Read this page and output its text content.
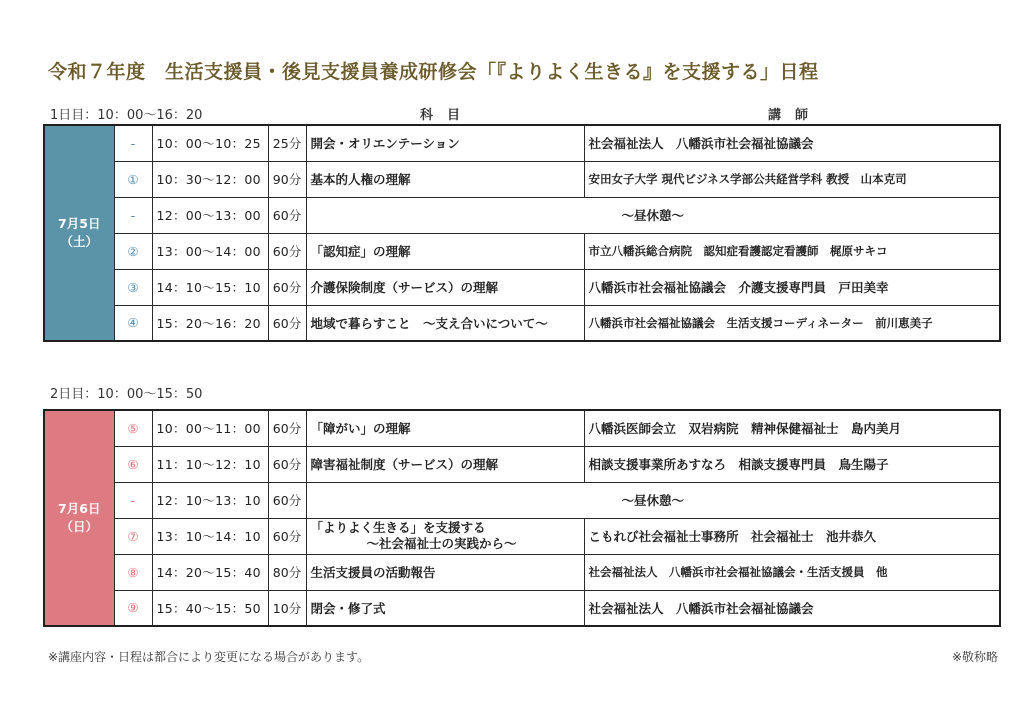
令和７年度　生活支援員・後見支援員養成研修会「『よりよく生きる』を支援する」日程
1日目：10：00〜16：20	科目	講師
7月5日
（土）	-	10：00〜10：25	25分	開会・オリエンテーション	社会福祉法人　八幡浜市社会福祉協議会
	①	10：30〜12：00	90分	基本的人権の理解	安田女子大学 現代ビジネス学部公共経営学科 教授　山本克司
	-	12：00〜13：00	60分	〜昼休憩〜	
	②	13：00〜14：00	60分	「認知症」の理解	市立八幡浜総合病院　認知症看護認定看護師　梶原サキコ
	③	14：10〜15：10	60分	介護保険制度（サービス）の理解	八幡浜市社会福祉協議会　介護支援専門員　戸田美幸
	④	15：20〜16：20	60分	地域で暮らすこと　〜支え合いについて〜	八幡浜市社会福祉協議会　生活支援コーディネーター　前川恵美子
2日目：10：00〜15：50
7月6日
（日）	⑤	10：00〜11：00	60分	「障がい」の理解	八幡浜医師会立　双岩病院　精神保健福祉士　島内美月
	⑥	11：10〜12：10	60分	障害福祉制度（サービス）の理解	相談支援事業所あすなろ　相談支援専門員　鳥生陽子
	-	12：10〜13：10	60分	〜昼休憩〜	
	⑦	13：10〜14：10	60分	「よりよく生きる」を支援する
〜社会福祉士の実践から〜	こもれび社会福祉士事務所　社会福祉士　池井恭久
	⑧	14：20〜15：40	80分	生活支援員の活動報告	社会福祉法人　八幡浜市社会福祉協議会・生活支援員　他
	⑨	15：40〜15：50	10分	閉会・修了式	社会福祉法人　八幡浜市社会福祉協議会
※講座内容・日程は都合により変更になる場合があります。	※敬称略
